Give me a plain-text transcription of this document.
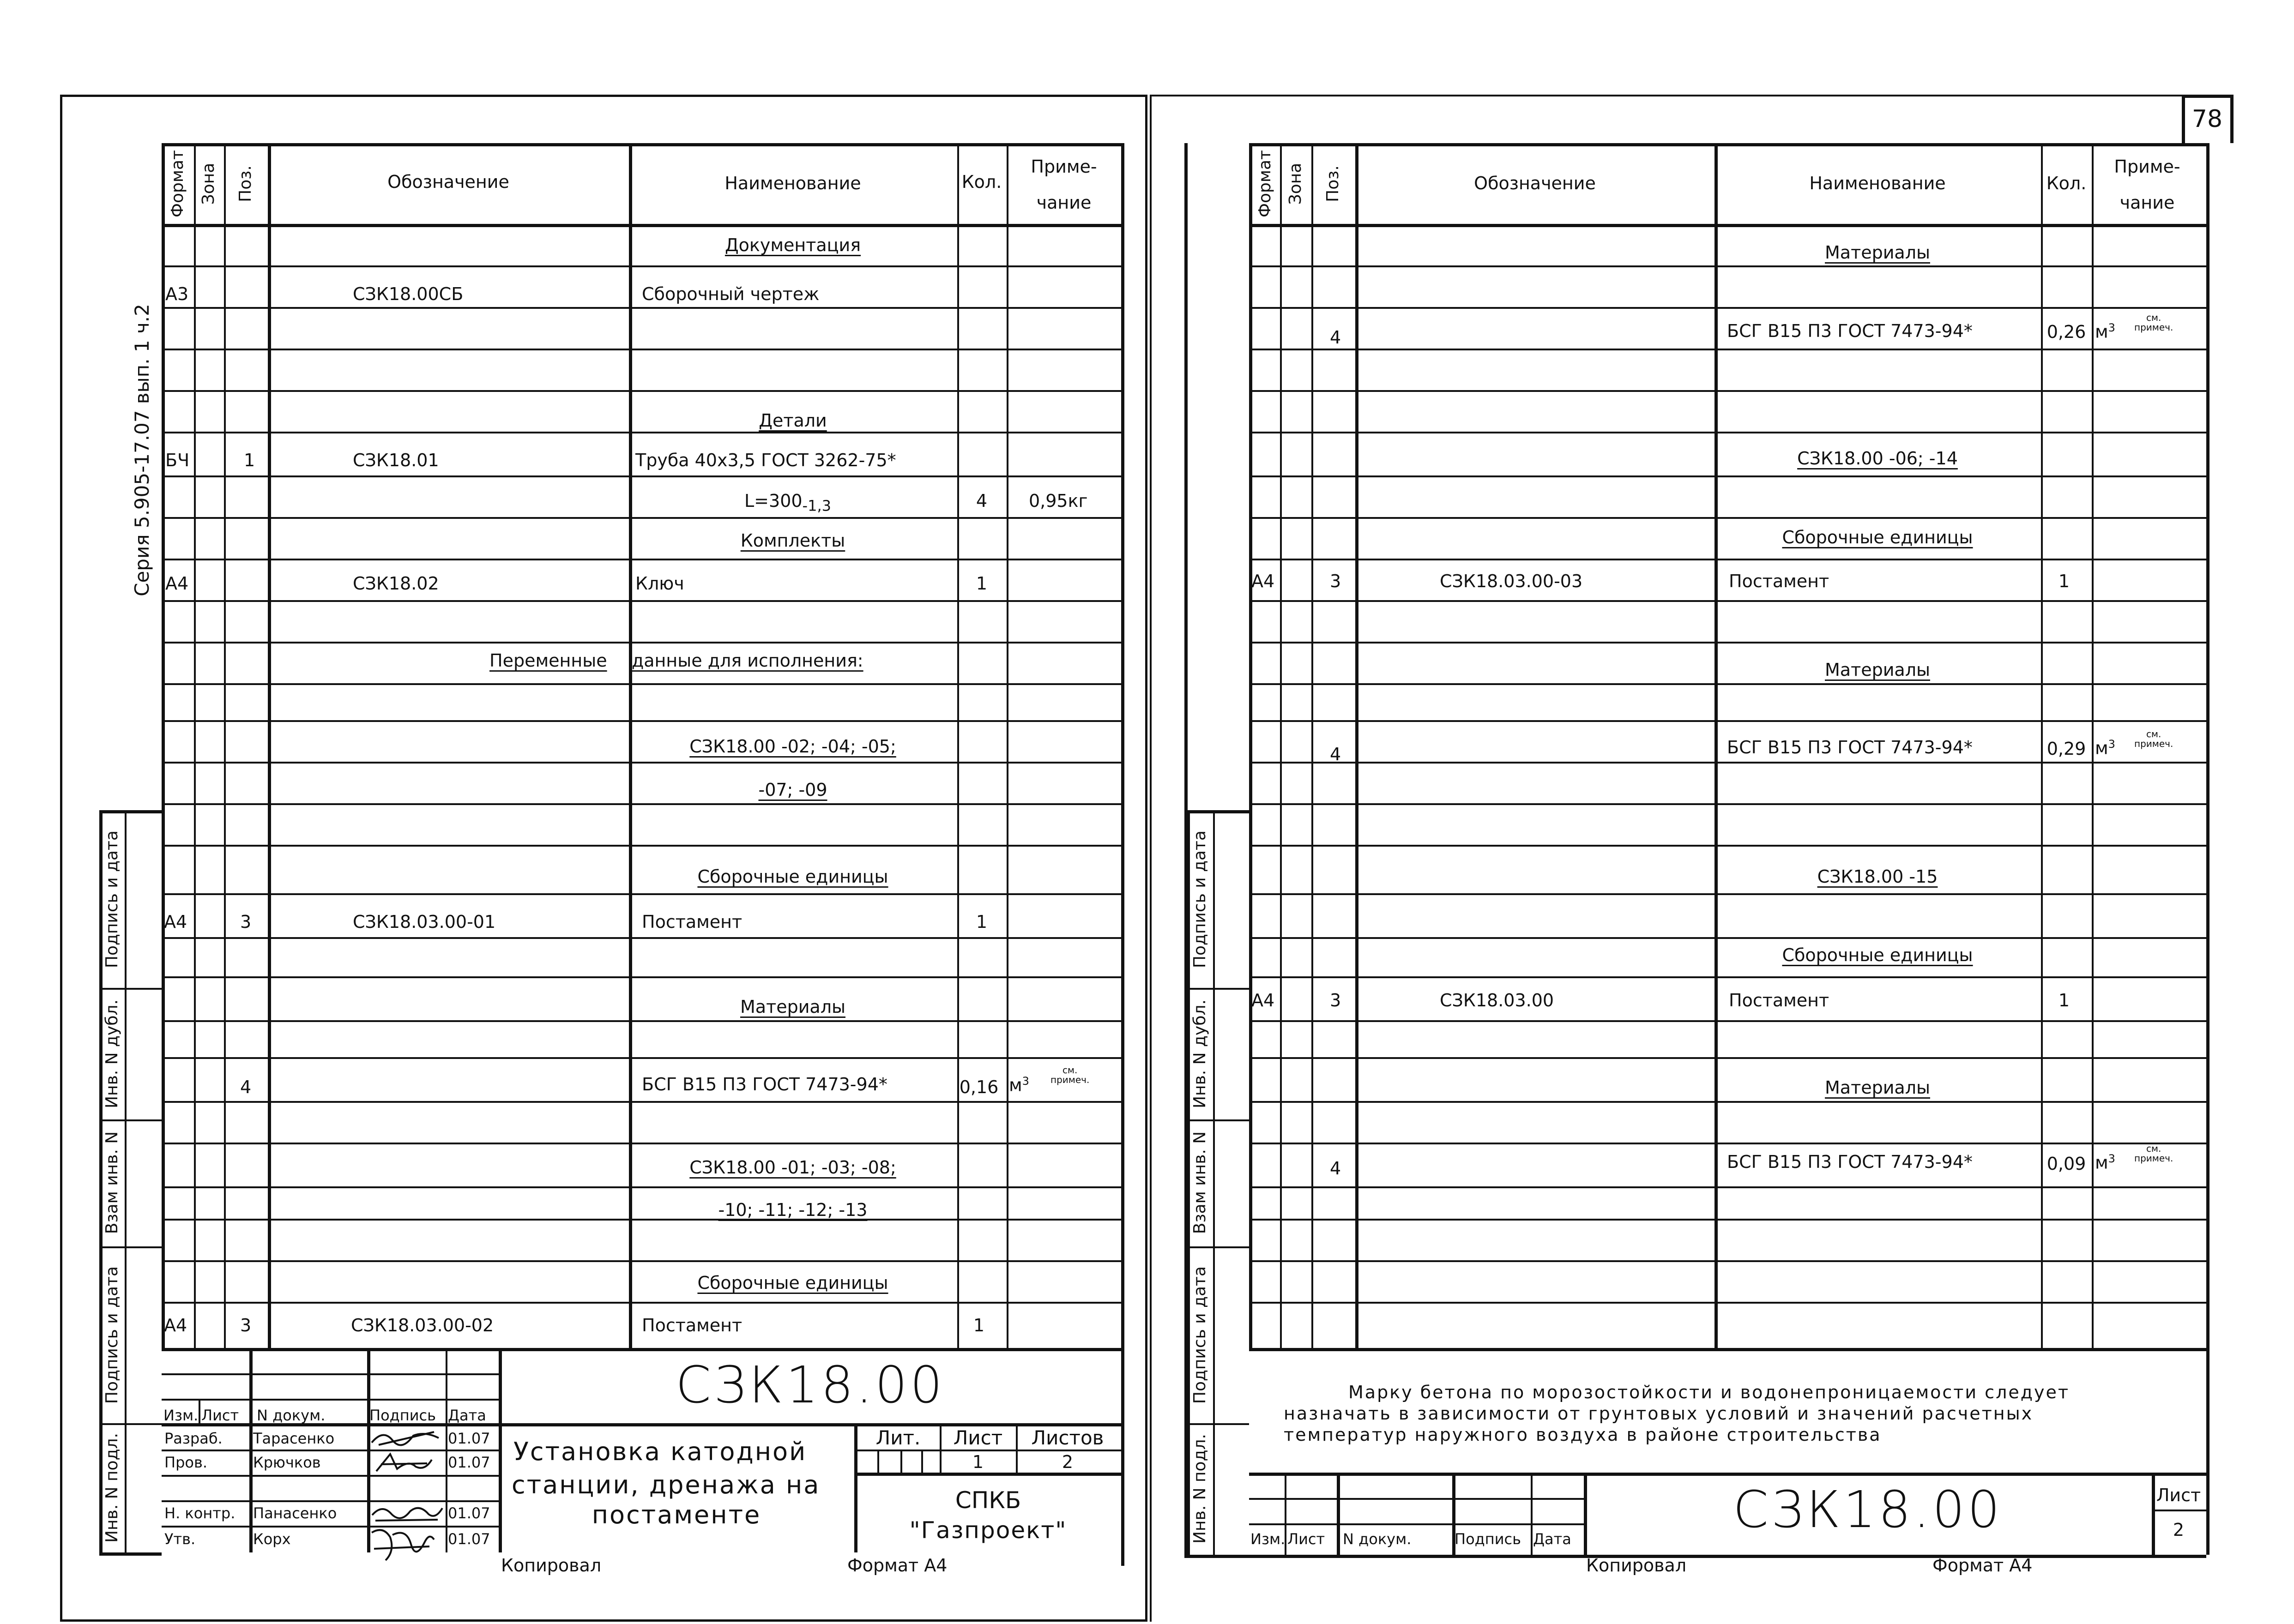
Серия 5.905-17.07 вып. 1 ч.2
Формат Зона Поз.	Обозначение	Наименование	Кол.
Приме-
чание
Документация
А3	СЗК18.00СБ	Сборочный чертеж
Детали
БЧ	1	СЗК18.01	Труба 40х3,5 ГОСТ 3262-75*
$L=300_{-1,3}$	4 0,95кг
Комплекты
А4	СЗК18.02	Ключ	1
Переменные данные для исполнения:
СЗК18.00 -02; -04; -05;
-07; -09
Сборочные единицы
А4	3	СЗК18.03.00-01	Постамент	1
Материалы
4	БСГ В15 П3 ГОСТ 7473-94*	0,16 $м^3$
см.
примеч.
СЗК18.00 -01; -03; -08;
-10; -11; -12; -13
Сборочные единицы
А4	3	СЗК18.03.00-02	Постамент	1
Подпись и дата
Инв. N дубл.
Взам инв. N
Подпись и дата
Инв. N подл.
СЗК18.00
Изм. Лист N докум.	Подпись Дата
Разраб. Тарасенко	01.07
Пров.	Крючков	01.07
Н. контр. Панасенко	01.07
Утв.	Корх	01.07
Установка катодной
станции, дренажа на
постаменте
Лит. Лист Листов
1	2
СПКБ
"Газпроект"
Копировал	Формат А4
78
Формат Зона Поз.	Обозначение	Наименование	Кол.
Приме-
чание
Материалы
4	БСГ В15 П3 ГОСТ 7473-94*	0,26 $м^3$
см.
примеч.
СЗК18.00 -06; -14
Сборочные единицы
А4	3	СЗК18.03.00-03	Постамент	1
Материалы
4	БСГ В15 П3 ГОСТ 7473-94*	0,29 $м^3$
см.
примеч.
СЗК18.00 -15
Сборочные единицы
А4	3	СЗК18.03.00	Постамент	1
Материалы
4	БСГ В15 П3 ГОСТ 7473-94*	0,09 $м^3$
см.
примеч.
Подпись и дата
Инв. N дубл.
Взам инв. N
Подпись и дата
Инв. N подл.
Марку бетона по морозостойкости и водонепроницаемости следует
назначать в зависимости от грунтовых условий и значений расчетных
температур наружного воздуха в районе строительства
Изм. Лист N докум.	Подпись Дата	СЗК18.00	Лист
2
Копировал	Формат А4
